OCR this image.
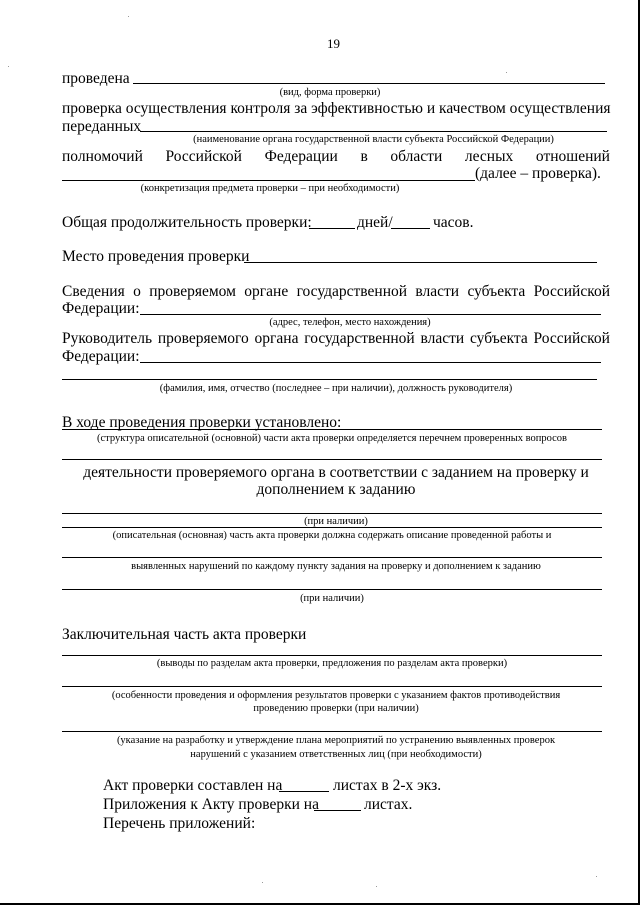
19
проведена
(вид, форма проверки)
проверка осуществления контроля за эффективностью и качеством осуществления
переданных
(наименование органа государственной власти субъекта Российской Федерации)
полномочий Российской Федерации в области лесных отношений
(далее – проверка).
(конкретизация предмета проверки – при необходимости)
Общая продолжительность проверки:	дней/	часов.
Место проведения проверки
Сведения о проверяемом органе государственной власти субъекта Российской
Федерации:
(адрес, телефон, место нахождения)
Руководитель проверяемого органа государственной власти субъекта Российской
Федерации:
(фамилия, имя, отчество (последнее – при наличии), должность руководителя)
В ходе проведения проверки установлено:
(структура описательной (основной) части акта проверки определяется перечнем проверенных вопросов
деятельности проверяемого органа в соответствии с заданием на проверку и
дополнением к заданию
(при наличии)
(описательная (основная) часть акта проверки должна содержать описание проведенной работы и
выявленных нарушений по каждому пункту задания на проверку и дополнением к заданию
(при наличии)
Заключительная часть акта проверки
(выводы по разделам акта проверки, предложения по разделам акта проверки)
(особенности проведения и оформления результатов проверки с указанием фактов противодействия
проведению проверки (при наличии)
(указание на разработку и утверждение плана мероприятий по устранению выявленных проверок
нарушений с указанием ответственных лиц (при необходимости)
Акт проверки составлен на	листах в 2-х экз.
Приложения к Акту проверки на	листах.
Перечень приложений:
